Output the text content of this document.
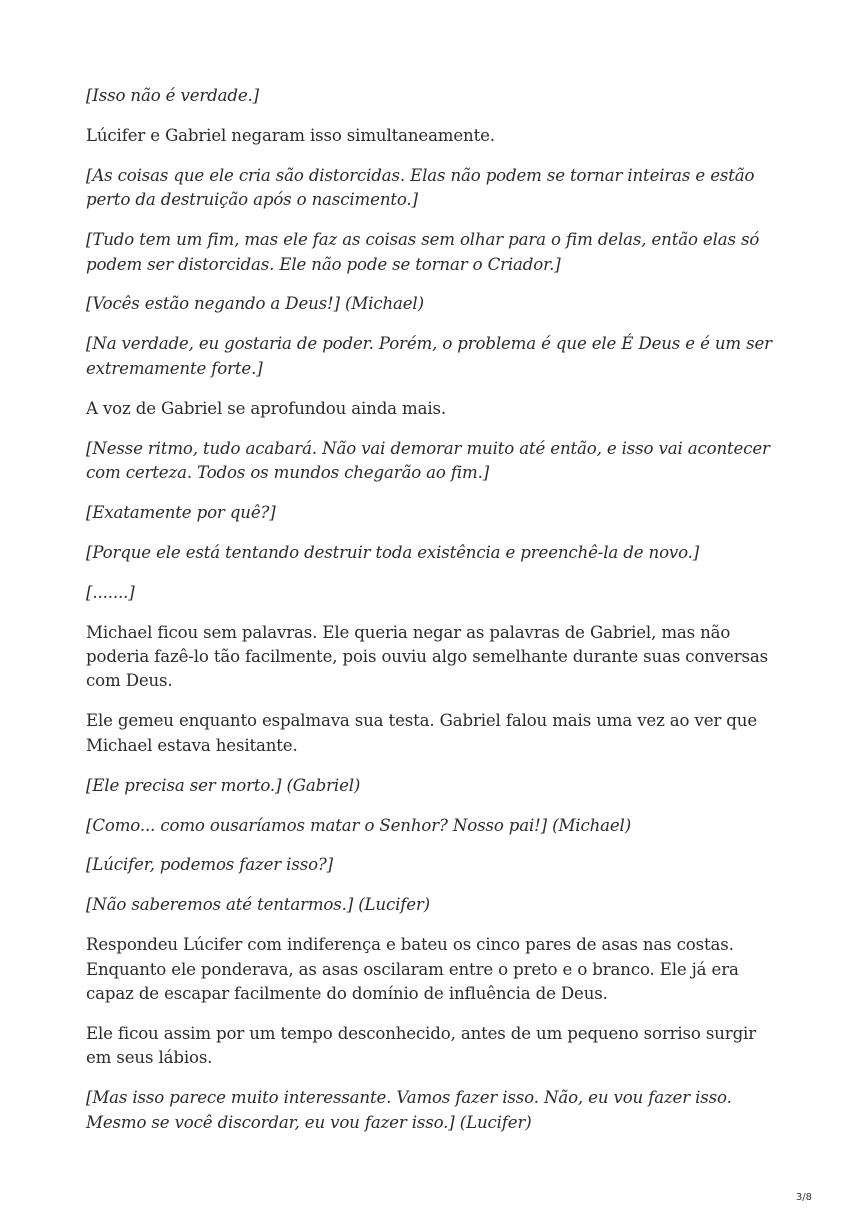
[Isso não é verdade.]

Lúcifer e Gabriel negaram isso simultaneamente.

[As coisas que ele cria são distorcidas. Elas não podem se tornar inteiras e estão perto da destruição após o nascimento.]

[Tudo tem um fim, mas ele faz as coisas sem olhar para o fim delas, então elas só podem ser distorcidas. Ele não pode se tornar o Criador.]

[Vocês estão negando a Deus!] (Michael)

[Na verdade, eu gostaria de poder. Porém, o problema é que ele É Deus e é um ser extremamente forte.]

A voz de Gabriel se aprofundou ainda mais.

[Nesse ritmo, tudo acabará. Não vai demorar muito até então, e isso vai acontecer com certeza. Todos os mundos chegarão ao fim.]

[Exatamente por quê?]

[Porque ele está tentando destruir toda existência e preenchê-la de novo.]

[.......]

Michael ficou sem palavras. Ele queria negar as palavras de Gabriel, mas não poderia fazê-lo tão facilmente, pois ouviu algo semelhante durante suas conversas com Deus.

Ele gemeu enquanto espalmava sua testa. Gabriel falou mais uma vez ao ver que Michael estava hesitante.

[Ele precisa ser morto.] (Gabriel)

[Como... como ousaríamos matar o Senhor? Nosso pai!] (Michael)

[Lúcifer, podemos fazer isso?]

[Não saberemos até tentarmos.] (Lucifer)

Respondeu Lúcifer com indiferença e bateu os cinco pares de asas nas costas. Enquanto ele ponderava, as asas oscilaram entre o preto e o branco. Ele já era capaz de escapar facilmente do domínio de influência de Deus.

Ele ficou assim por um tempo desconhecido, antes de um pequeno sorriso surgir em seus lábios.

[Mas isso parece muito interessante. Vamos fazer isso. Não, eu vou fazer isso. Mesmo se você discordar, eu vou fazer isso.] (Lucifer)

3/8
